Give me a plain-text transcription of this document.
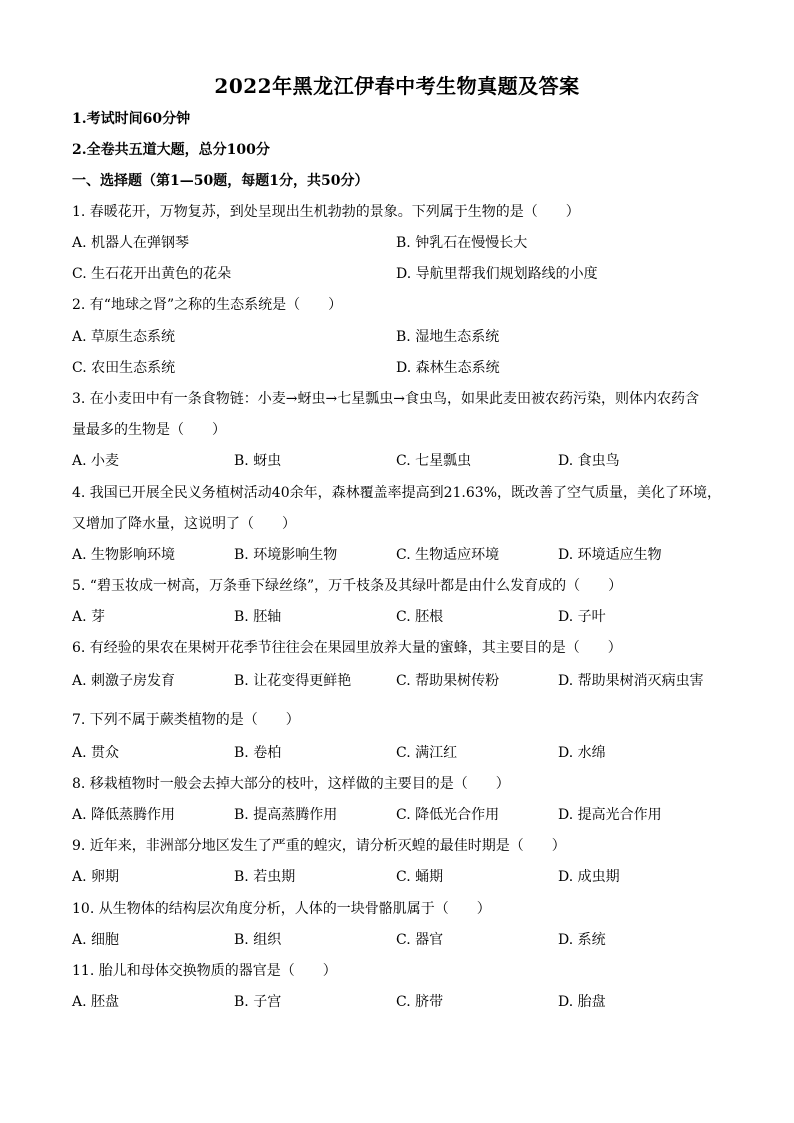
2022年黑龙江伊春中考生物真题及答案
1.考试时间60分钟
2.全卷共五道大题，总分100分
一、选择题（第1—50题，每题1分，共50分）
1. 春暖花开，万物复苏，到处呈现出生机勃勃的景象。下列属于生物的是（　　）
A. 机器人在弹钢琴	B. 钟乳石在慢慢长大
C. 生石花开出黄色的花朵	D. 导航里帮我们规划路线的小度
2. 有“地球之肾”之称的生态系统是（　　）
A. 草原生态系统	B. 湿地生态系统
C. 农田生态系统	D. 森林生态系统
3. 在小麦田中有一条食物链：小麦→蚜虫→七星瓢虫→食虫鸟，如果此麦田被农药污染，则体内农药含
量最多的生物是（　　）
A. 小麦	B. 蚜虫	C. 七星瓢虫	D. 食虫鸟
4. 我国已开展全民义务植树活动40余年，森林覆盖率提高到21.63%，既改善了空气质量，美化了环境，
又增加了降水量，这说明了（　　）
A. 生物影响环境	B. 环境影响生物	C. 生物适应环境	D. 环境适应生物
5. “碧玉妆成一树高，万条垂下绿丝绦”，万千枝条及其绿叶都是由什么发育成的（　　）
A. 芽	B. 胚轴	C. 胚根	D. 子叶
6. 有经验的果农在果树开花季节往往会在果园里放养大量的蜜蜂，其主要目的是（　　）
A. 刺激子房发育	B. 让花变得更鲜艳	C. 帮助果树传粉	D. 帮助果树消灭病虫害
7. 下列不属于蕨类植物的是（　　）
A. 贯众	B. 卷柏	C. 满江红	D. 水绵
8. 移栽植物时一般会去掉大部分的枝叶，这样做的主要目的是（　　）
A. 降低蒸腾作用	B. 提高蒸腾作用	C. 降低光合作用	D. 提高光合作用
9. 近年来，非洲部分地区发生了严重的蝗灾，请分析灭蝗的最佳时期是（　　）
A. 卵期	B. 若虫期	C. 蛹期	D. 成虫期
10. 从生物体的结构层次角度分析，人体的一块骨骼肌属于（　　）
A. 细胞	B. 组织	C. 器官	D. 系统
11. 胎儿和母体交换物质的器官是（　　）
A. 胚盘	B. 子宫	C. 脐带	D. 胎盘
